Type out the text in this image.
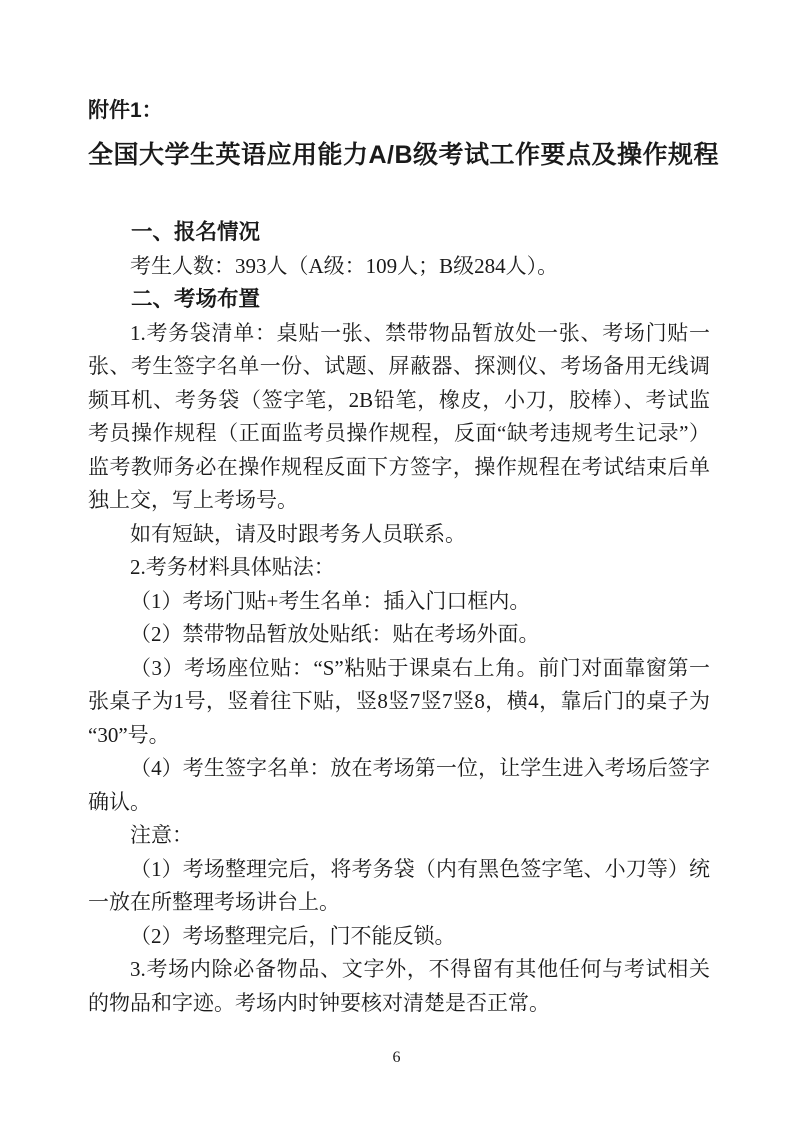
附件1：
全国大学生英语应用能力A/B级考试工作要点及操作规程

一、报名情况

考生人数：393人（A级：109人；B级284人）。

二、考场布置

1.考务袋清单：桌贴一张、禁带物品暂放处一张、考场门贴一张、考生签字名单一份、试题、屏蔽器、探测仪、考场备用无线调频耳机、考务袋（签字笔，2B铅笔，橡皮，小刀，胶棒）、考试监考员操作规程（正面监考员操作规程，反面“缺考违规考生记录”）监考教师务必在操作规程反面下方签字，操作规程在考试结束后单独上交，写上考场号。

如有短缺，请及时跟考务人员联系。

2.考务材料具体贴法：

（1）考场门贴+考生名单：插入门口框内。

（2）禁带物品暂放处贴纸：贴在考场外面。

（3）考场座位贴：“S”粘贴于课桌右上角。前门对面靠窗第一张桌子为1号，竖着往下贴，竖8竖7竖7竖8，横4，靠后门的桌子为“30”号。

（4）考生签字名单：放在考场第一位，让学生进入考场后签字确认。

注意：

（1）考场整理完后，将考务袋（内有黑色签字笔、小刀等）统一放在所整理考场讲台上。

（2）考场整理完后，门不能反锁。

3.考场内除必备物品、文字外，不得留有其他任何与考试相关的物品和字迹。考场内时钟要核对清楚是否正常。

6
